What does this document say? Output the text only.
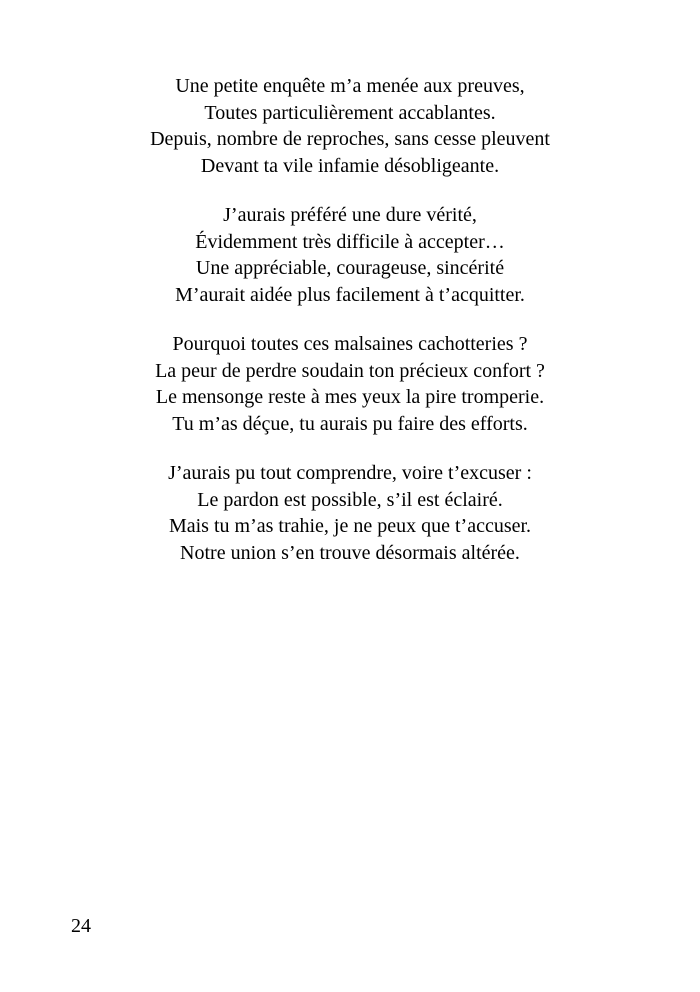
Une petite enquête m’a menée aux preuves,
Toutes particulièrement accablantes.
Depuis, nombre de reproches, sans cesse pleuvent
Devant ta vile infamie désobligeante.
J’aurais préféré une dure vérité,
Évidemment très difficile à accepter…
Une appréciable, courageuse, sincérité
M’aurait aidée plus facilement à t’acquitter.
Pourquoi toutes ces malsaines cachotteries ?
La peur de perdre soudain ton précieux confort ?
Le mensonge reste à mes yeux la pire tromperie.
Tu m’as déçue, tu aurais pu faire des efforts.
J’aurais pu tout comprendre, voire t’excuser :
Le pardon est possible, s’il est éclairé.
Mais tu m’as trahie, je ne peux que t’accuser.
Notre union s’en trouve désormais altérée.
24
